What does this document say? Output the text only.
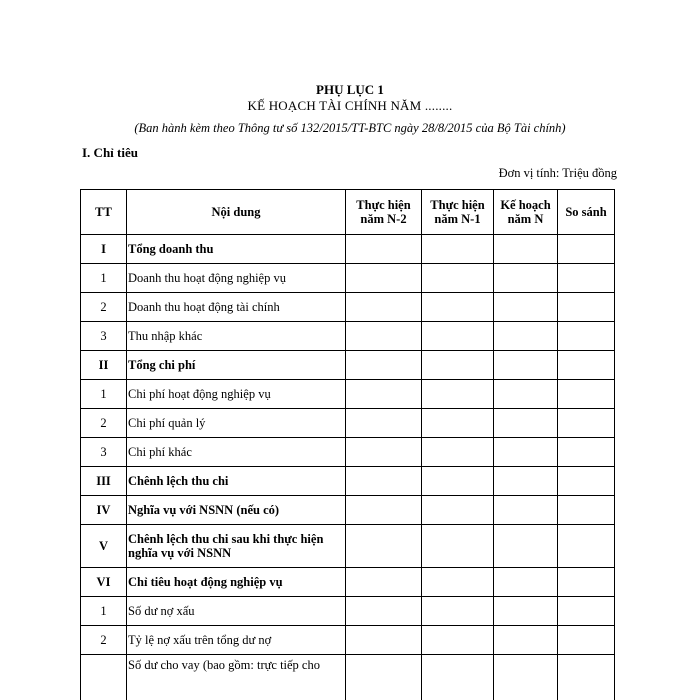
PHỤ LỤC 1
KẾ HOẠCH TÀI CHÍNH NĂM ........
(Ban hành kèm theo Thông tư số 132/2015/TT-BTC ngày 28/8/2015 của Bộ Tài chính)
I. Chỉ tiêu
Đơn vị tính: Triệu đồng
TT	Nội dung	Thực hiện năm N-2	Thực hiện năm N-1	Kế hoạch năm N	So sánh
I	Tổng doanh thu				
1	Doanh thu hoạt động nghiệp vụ				
2	Doanh thu hoạt động tài chính				
3	Thu nhập khác				
II	Tổng chi phí				
1	Chi phí hoạt động nghiệp vụ				
2	Chi phí quản lý				
3	Chi phí khác				
III	Chênh lệch thu chi				
IV	Nghĩa vụ với NSNN (nếu có)				
V	Chênh lệch thu chi sau khi thực hiện nghĩa vụ với NSNN				
VI	Chỉ tiêu hoạt động nghiệp vụ				
1	Số dư nợ xấu				
2	Tỷ lệ nợ xấu trên tổng dư nợ				
	Số dư cho vay (bao gồm: trực tiếp cho				
